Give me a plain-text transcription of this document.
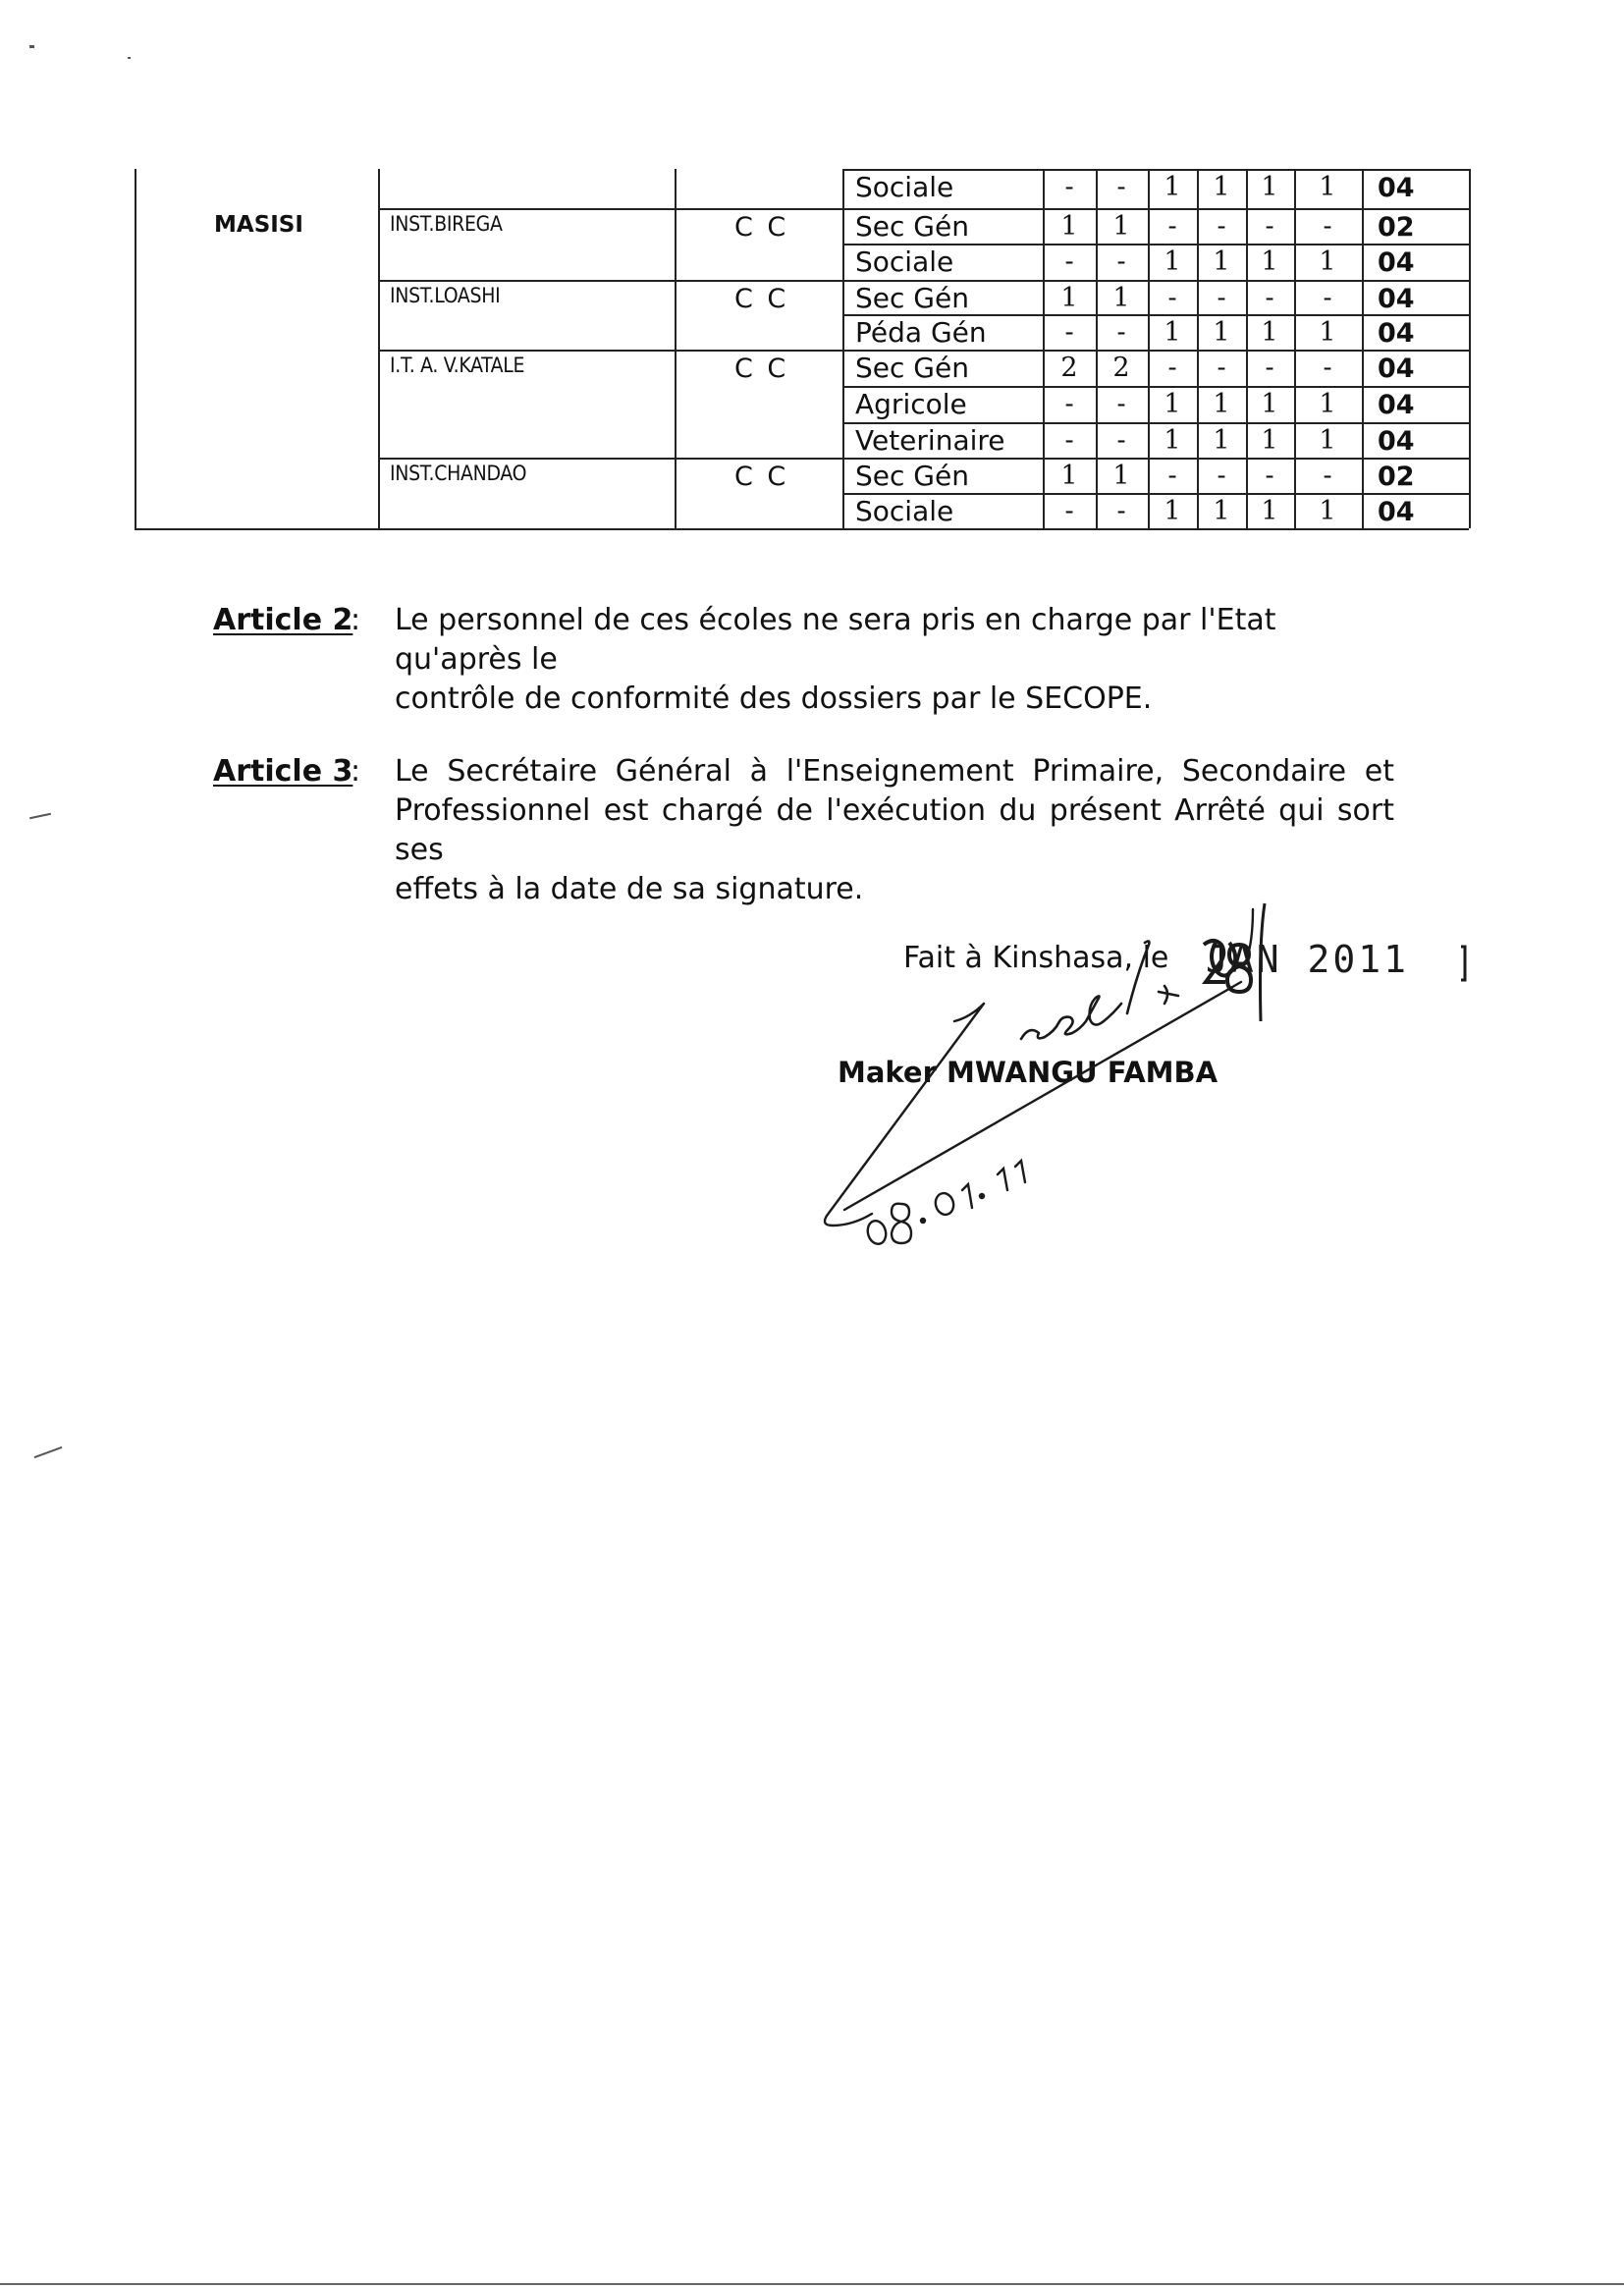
MASISI
Sociale	-	-	1	1	1	1	04
INST.BIREGA	C C Sec Gén	1	1	-	-	-	-	02
Sociale	-	-	1	1	1	1	04
INST.LOASHI	C C Sec Gén	1	1	-	-	-	-	04
Péda Gén	-	-	1	1	1	1	04
I.T. A. V.KATALE	C C Sec Gén	2	2	-	-	-	-	04
Agricole	-	-	1	1	1	1	04
Veterinaire	-	-	1	1	1	1	04
INST.CHANDAO	C C Sec Gén	1	1	-	-	-	-	02
Sociale	-	-	1	1	1	1	04
Article 2
: Le personnel de ces écoles ne sera pris en charge par l'Etat qu'après le
contrôle de conformité des dossiers par le SECOPE.
Article 3
: Le Secrétaire Général à l'Enseignement Primaire, Secondaire et
Professionnel est chargé de l'exécution du présent Arrêté qui sort ses
effets à la date de sa signature.
Fait à Kinshasa, le JAN 2011
Maker MWANGU FAMBA
